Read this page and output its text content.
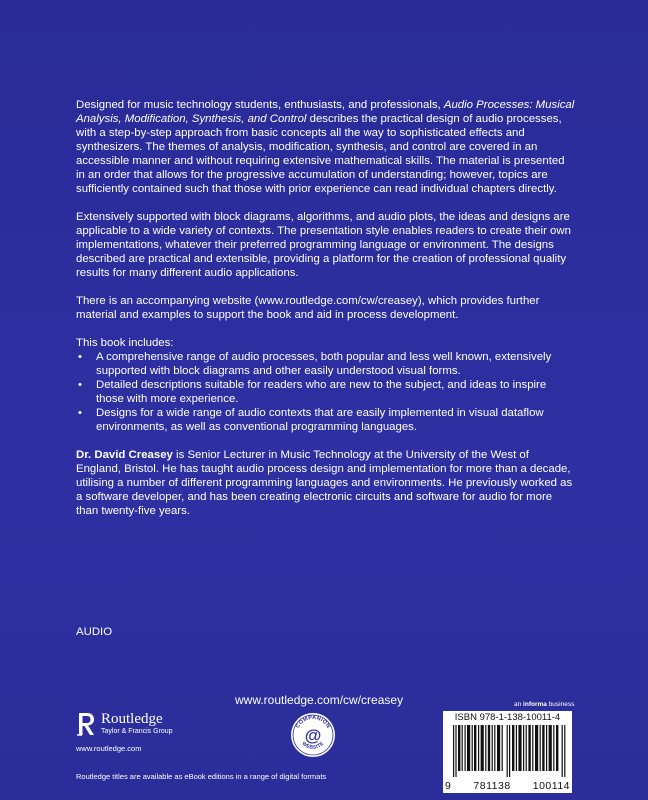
Designed for music technology students, enthusiasts, and professionals, Audio Processes: Musical Analysis, Modification, Synthesis, and Control describes the practical design of audio processes, with a step-by-step approach from basic concepts all the way to sophisticated effects and synthesizers. The themes of analysis, modification, synthesis, and control are covered in an accessible manner and without requiring extensive mathematical skills. The material is presented in an order that allows for the progressive accumulation of understanding; however, topics are sufficiently contained such that those with prior experience can read individual chapters directly.

Extensively supported with block diagrams, algorithms, and audio plots, the ideas and designs are applicable to a wide variety of contexts. The presentation style enables readers to create their own implementations, whatever their preferred programming language or environment. The designs described are practical and extensible, providing a platform for the creation of professional quality results for many different audio applications.

There is an accompanying website (www.routledge.com/cw/creasey), which provides further material and examples to support the book and aid in process development.

This book includes:
• A comprehensive range of audio processes, both popular and less well known, extensively supported with block diagrams and other easily understood visual forms.
• Detailed descriptions suitable for readers who are new to the subject, and ideas to inspire those with more experience.
• Designs for a wide range of audio contexts that are easily implemented in visual dataflow environments, as well as conventional programming languages.

Dr. David Creasey is Senior Lecturer in Music Technology at the University of the West of England, Bristol. He has taught audio process design and implementation for more than a decade, utilising a number of different programming languages and environments. He previously worked as a software developer, and has been creating electronic circuits and software for audio for more than twenty-five years.

AUDIO
www.routledge.com/cw/creasey
Routledge
Taylor & Francis Group
www.routledge.com
COMPANION
WEBSITE
@
Routledge titles are available as eBook editions in a range of digital formats
an informa business
ISBN 978-1-138-10011-4
9 781138 100114
